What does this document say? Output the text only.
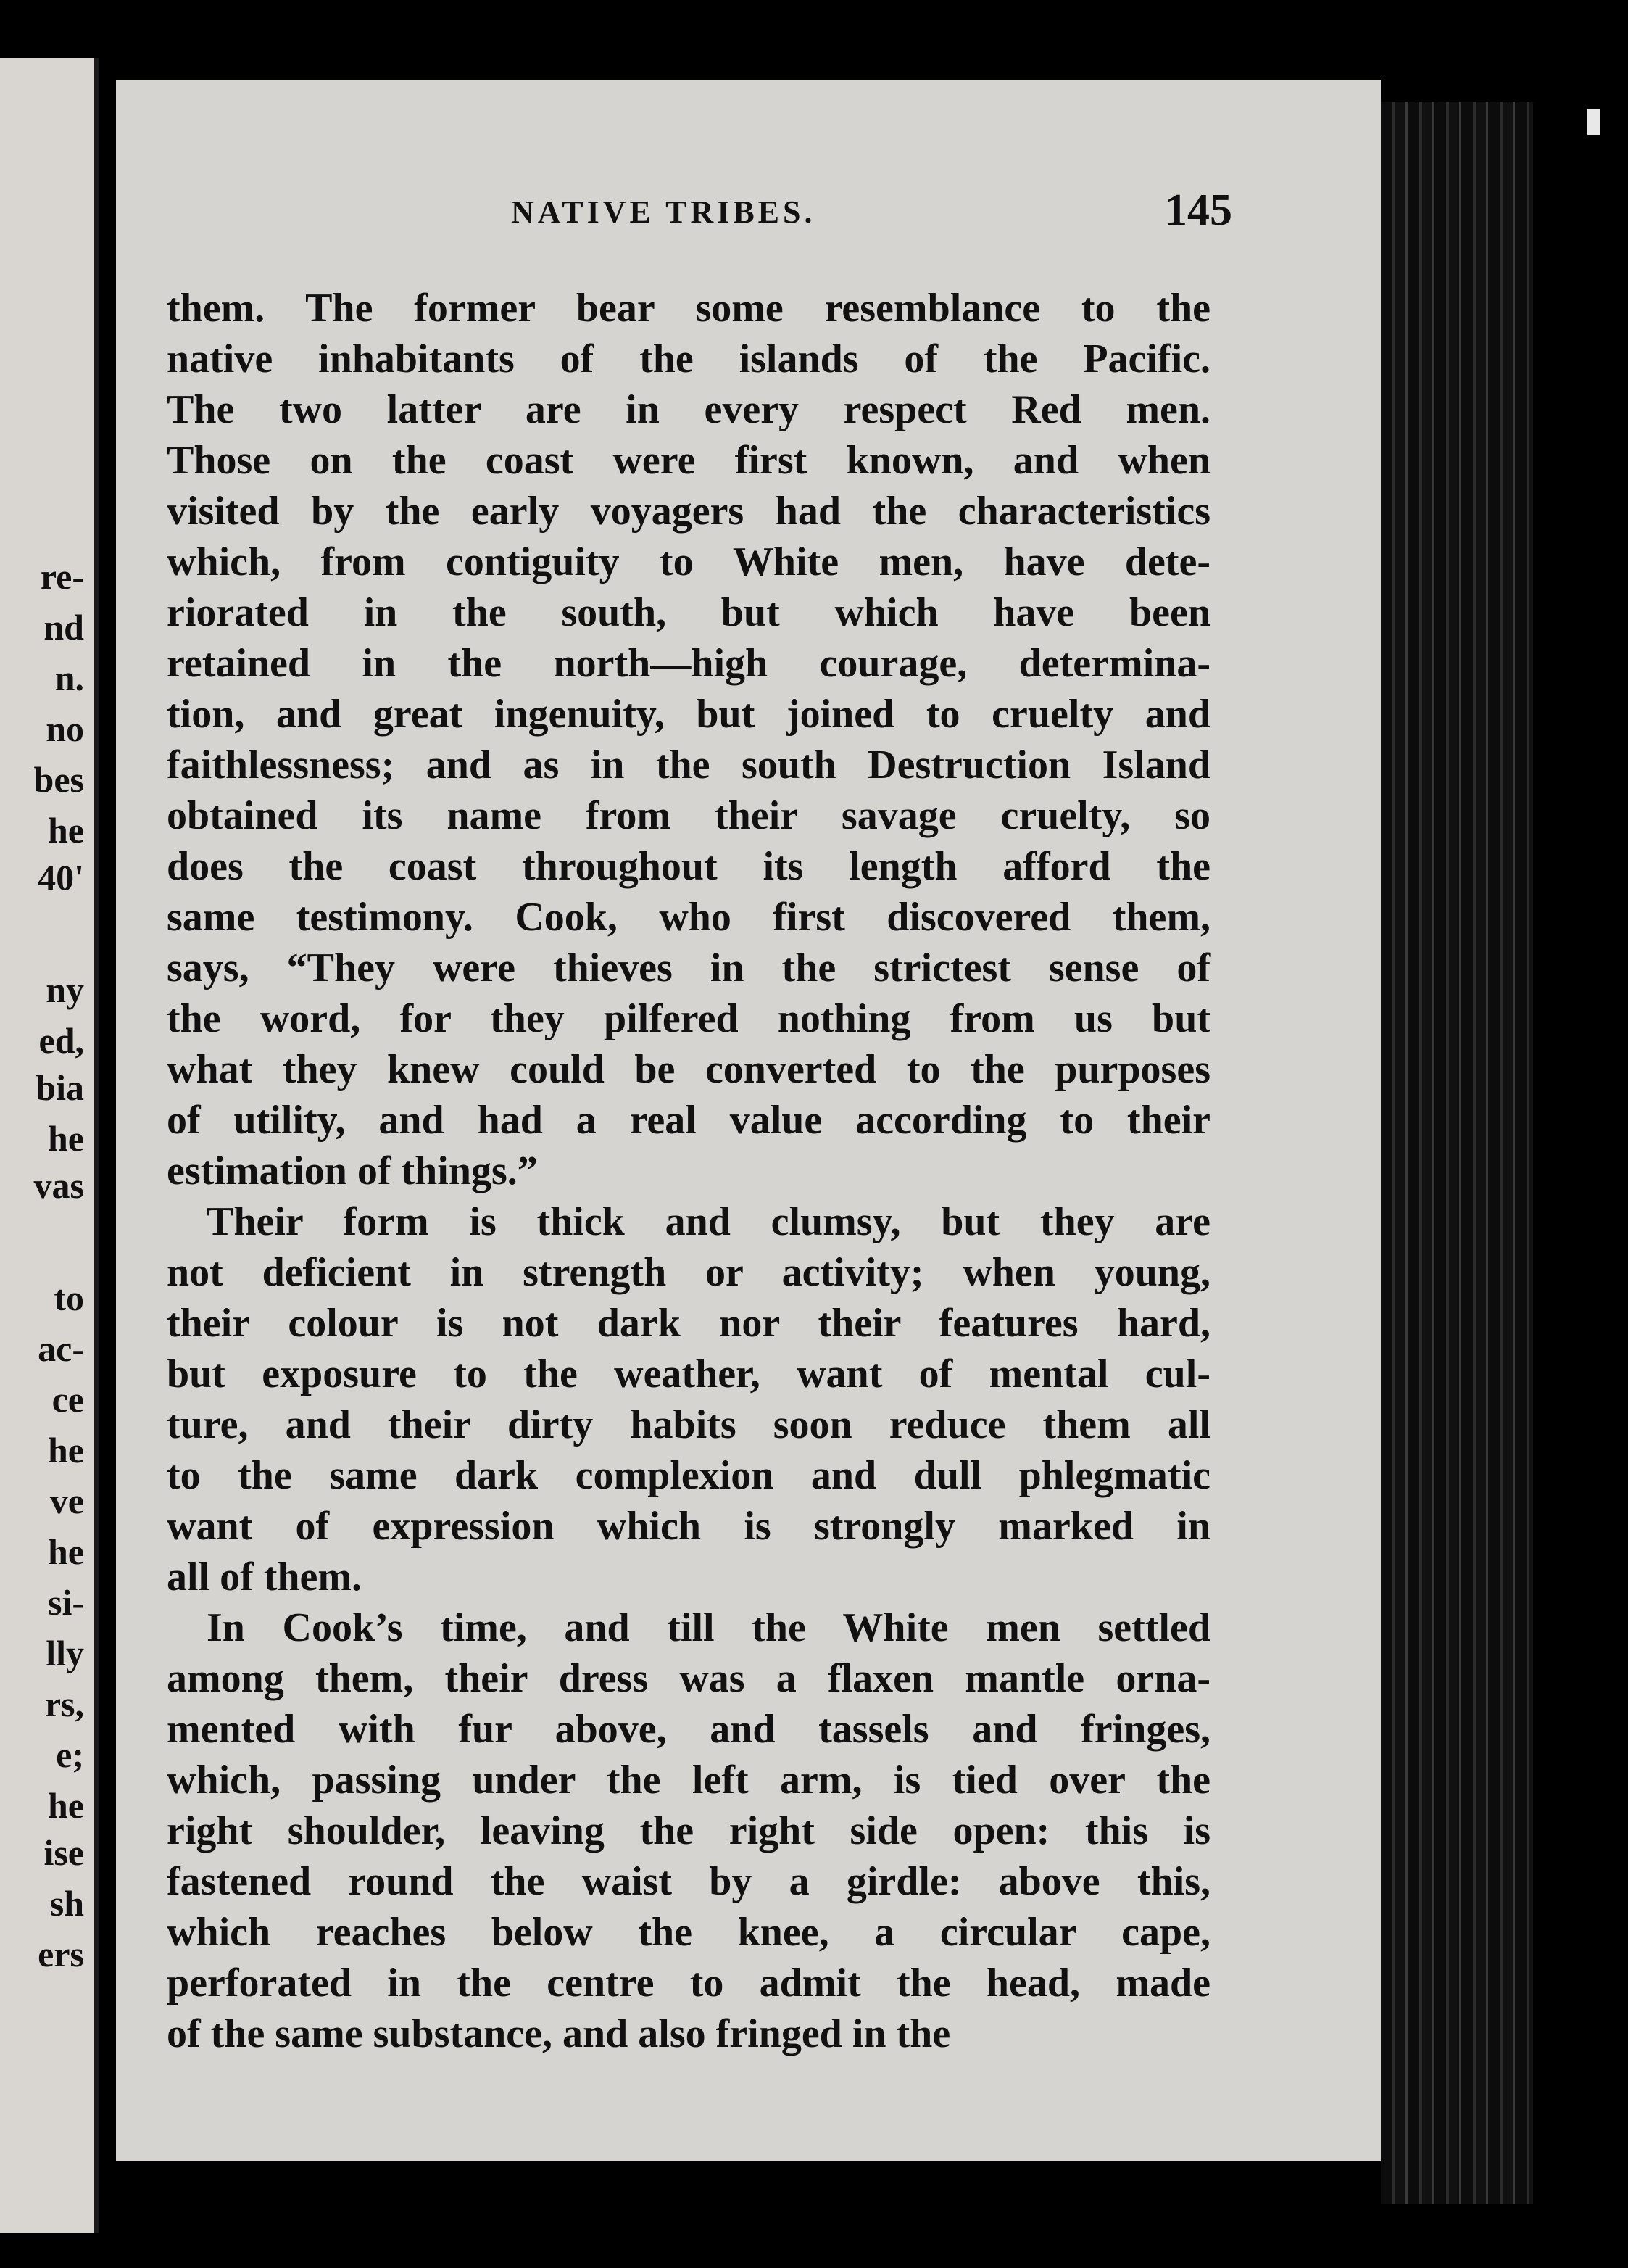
re-
nd
n.
no
bes
he
40'
ny
ed,
bia
he
vas
to
ac-
ce
he
ve
he
si-
lly
rs,
e;
he
ise
sh
ers
NATIVE TRIBES.	145
them. The former bear some resemblance to the
native inhabitants of the islands of the Pacific.
The two latter are in every respect Red men.
Those on the coast were first known, and when
visited by the early voyagers had the characteristics
which, from contiguity to White men, have dete-
riorated in the south, but which have been
retained in the north—high courage, determina-
tion, and great ingenuity, but joined to cruelty and
faithlessness; and as in the south Destruction Island
obtained its name from their savage cruelty, so
does the coast throughout its length afford the
same testimony. Cook, who first discovered them,
says, “They were thieves in the strictest sense of
the word, for they pilfered nothing from us but
what they knew could be converted to the purposes
of utility, and had a real value according to their
estimation of things.”
Their form is thick and clumsy, but they are
not deficient in strength or activity; when young,
their colour is not dark nor their features hard,
but exposure to the weather, want of mental cul-
ture, and their dirty habits soon reduce them all
to the same dark complexion and dull phlegmatic
want of expression which is strongly marked in
all of them.
In Cook’s time, and till the White men settled
among them, their dress was a flaxen mantle orna-
mented with fur above, and tassels and fringes,
which, passing under the left arm, is tied over the
right shoulder, leaving the right side open: this is
fastened round the waist by a girdle: above this,
which reaches below the knee, a circular cape,
perforated in the centre to admit the head, made
of the same substance, and also fringed in the
